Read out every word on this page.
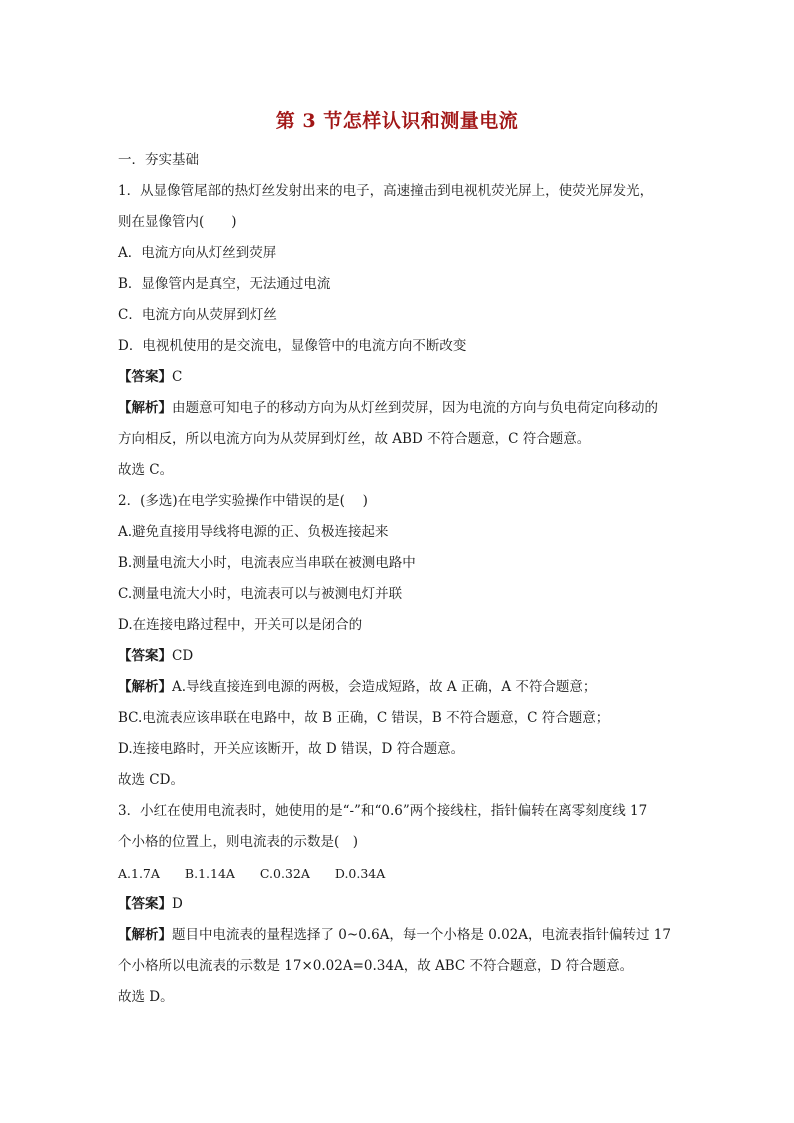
第 3 节怎样认识和测量电流
一．夯实基础
1．从显像管尾部的热灯丝发射出来的电子，高速撞击到电视机荧光屏上，使荧光屏发光，
则在显像管内(　　)
A．电流方向从灯丝到荧屏
B．显像管内是真空，无法通过电流
C．电流方向从荧屏到灯丝
D．电视机使用的是交流电，显像管中的电流方向不断改变
【答案】C
【解析】由题意可知电子的移动方向为从灯丝到荧屏，因为电流的方向与负电荷定向移动的
方向相反，所以电流方向为从荧屏到灯丝，故 ABD 不符合题意，C 符合题意。
故选 C。
2．(多选)在电学实验操作中错误的是(　 )
A.避免直接用导线将电源的正、负极连接起来
B.测量电流大小时，电流表应当串联在被测电路中
C.测量电流大小时，电流表可以与被测电灯并联
D.在连接电路过程中，开关可以是闭合的
【答案】CD
【解析】A.导线直接连到电源的两极，会造成短路，故 A 正确，A 不符合题意；
BC.电流表应该串联在电路中，故 B 正确，C 错误，B 不符合题意，C 符合题意；
D.连接电路时，开关应该断开，故 D 错误，D 符合题意。
故选 CD。
3．小红在使用电流表时，她使用的是“-”和“0.6”两个接线柱，指针偏转在离零刻度线 17
个小格的位置上，则电流表的示数是(　)
A.1.7A　　B.1.14A　　C.0.32A　　D.0.34A
【答案】D
【解析】题目中电流表的量程选择了 0~0.6A，每一个小格是 0.02A，电流表指针偏转过 17
个小格所以电流表的示数是 17×0.02A=0.34A，故 ABC 不符合题意，D 符合题意。
故选 D。
